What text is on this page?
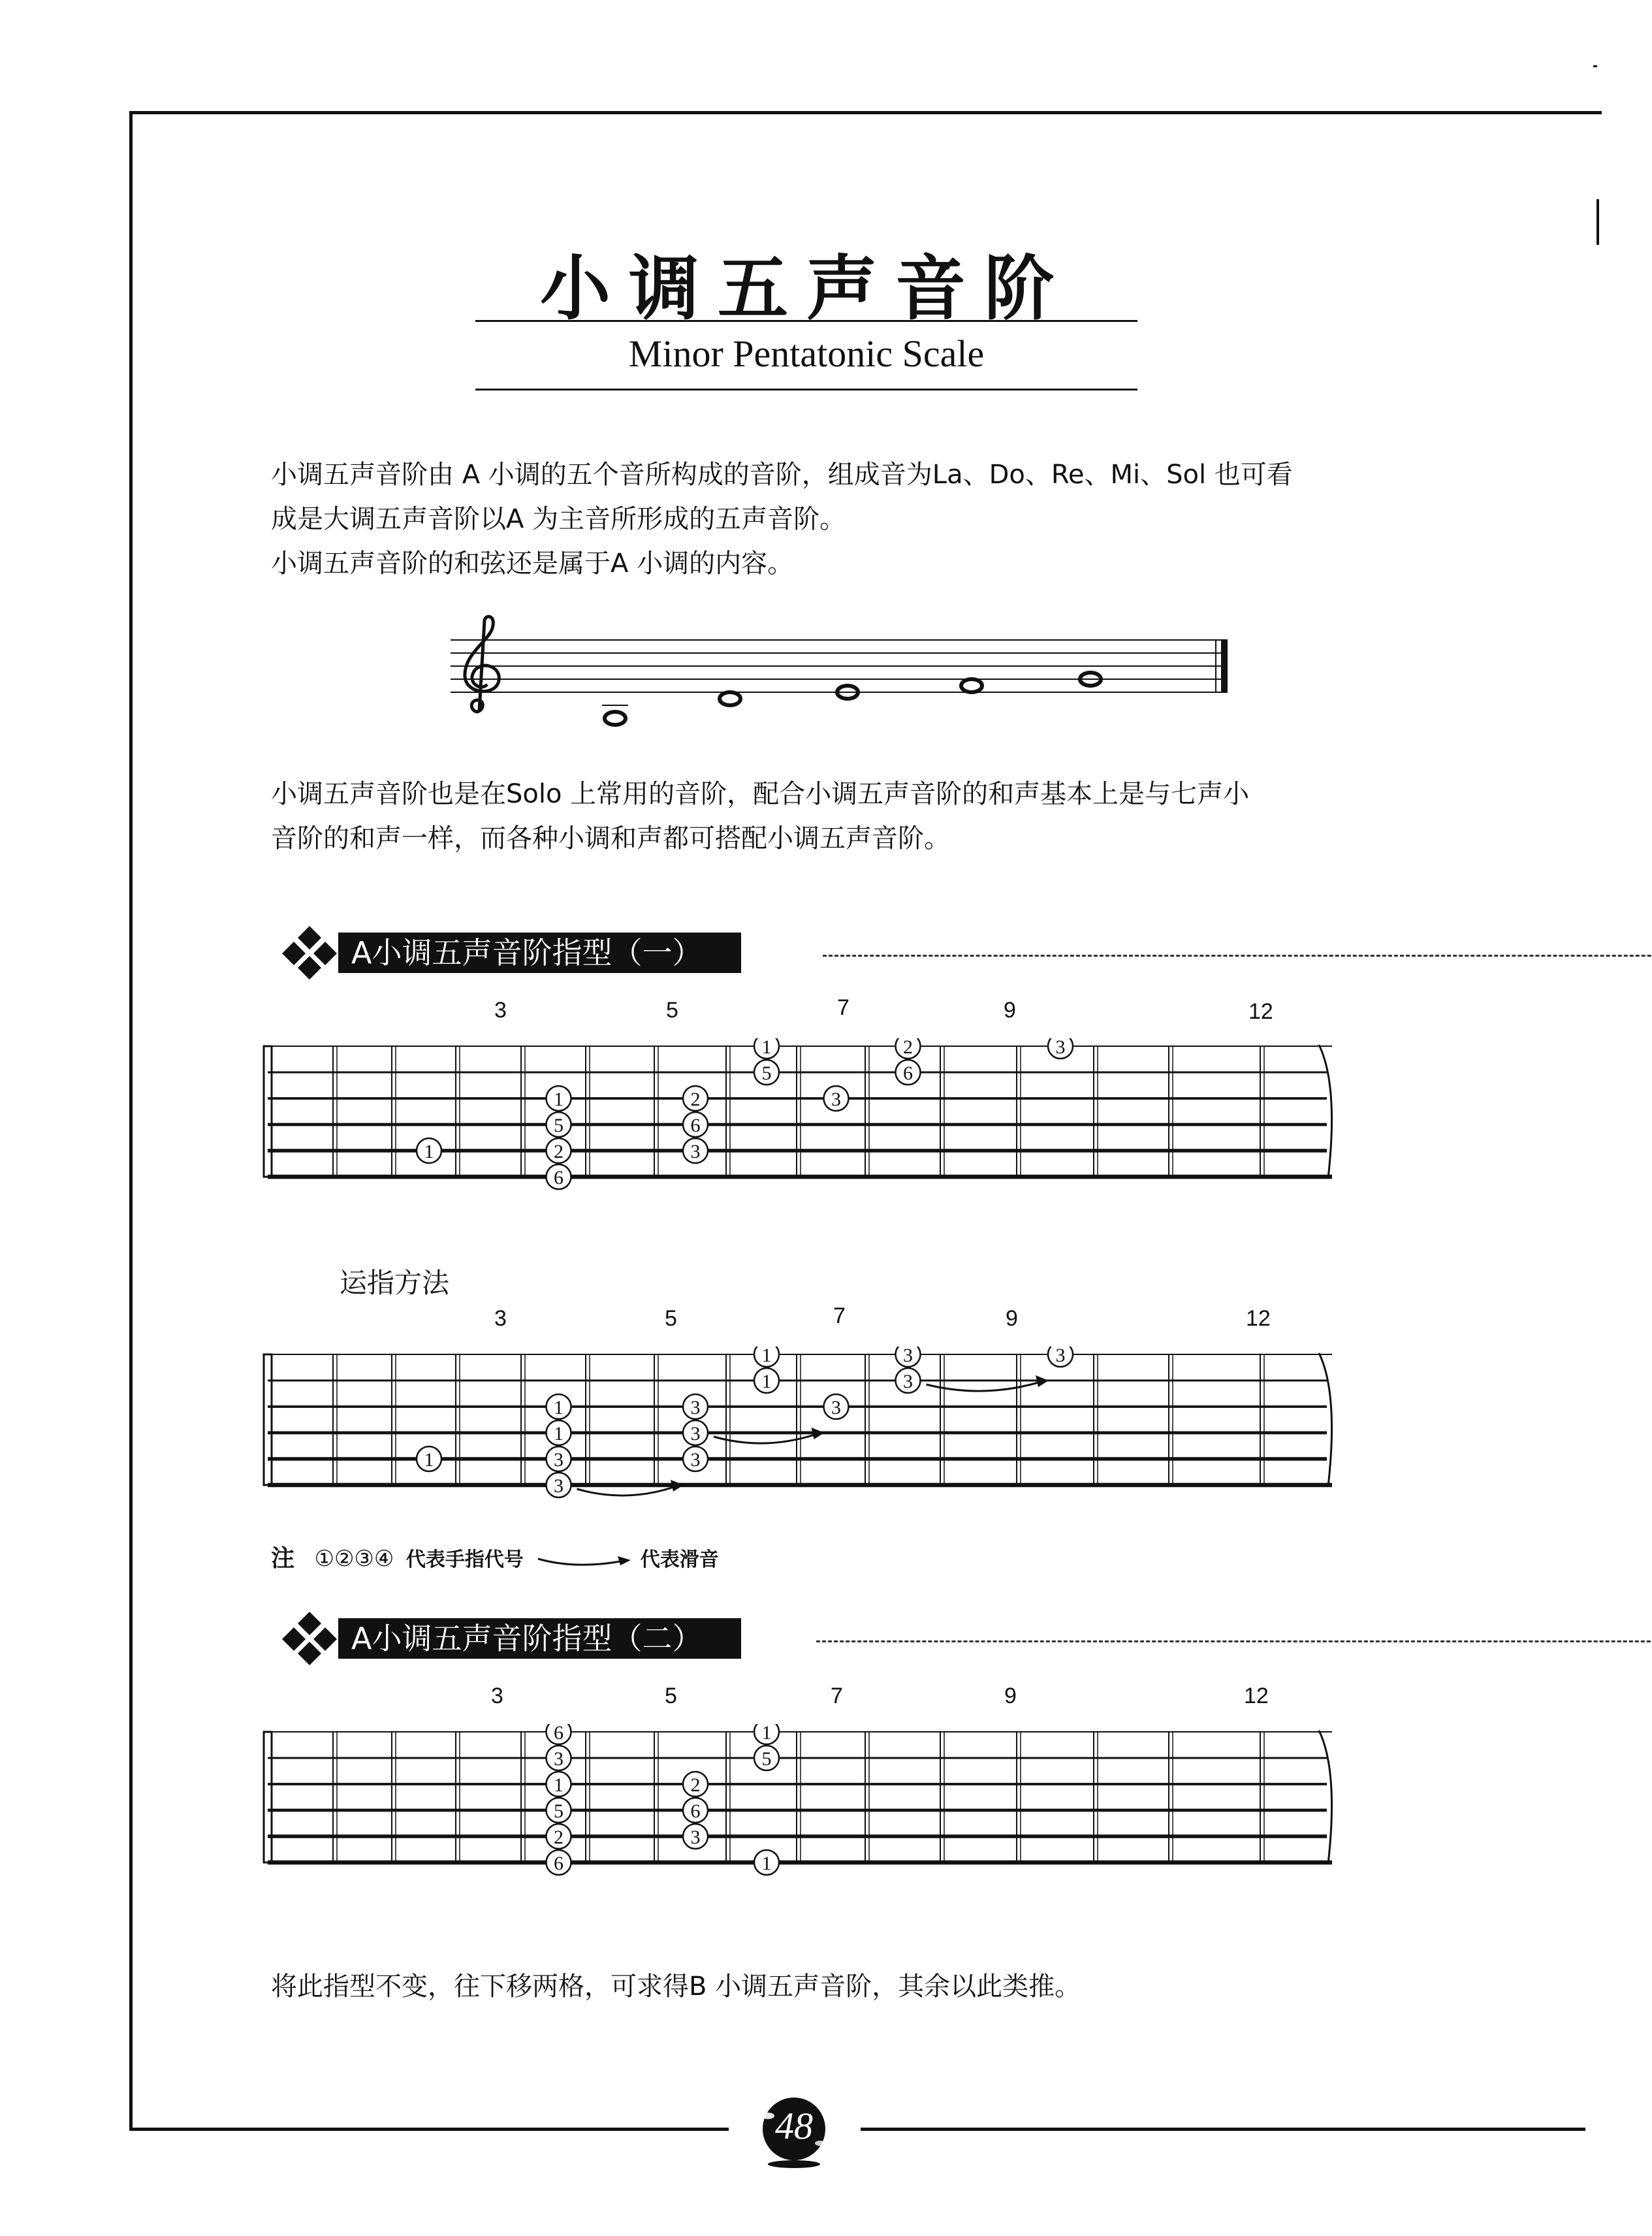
小调五声音阶
Minor Pentatonic Scale
小调五声音阶由 A 小调的五个音所构成的音阶，组成音为La、Do、Re、Mi、Sol 也可看
成是大调五声音阶以A 为主音所形成的五声音阶。
小调五声音阶的和弦还是属于A 小调的内容。
小调五声音阶也是在Solo 上常用的音阶，配合小调五声音阶的和声基本上是与七声小
音阶的和声一样，而各种小调和声都可搭配小调五声音阶。
A小调五声音阶指型（一）
3	5	7	9	12
1	2	3
5	6
3
1	2
5	6
1	2	3
6
运指方法
3	5	7	9	12
1	3	3
1	3
1	3	3
1	3
1	3	3
3
注 ①②③④ 代表手指代号	代表滑音
A小调五声音阶指型（二）
3	5	7	9	12
6	1
3	5
1	2
5	6
2	3
6	1
将此指型不变，往下移两格，可求得B 小调五声音阶，其余以此类推。
48
